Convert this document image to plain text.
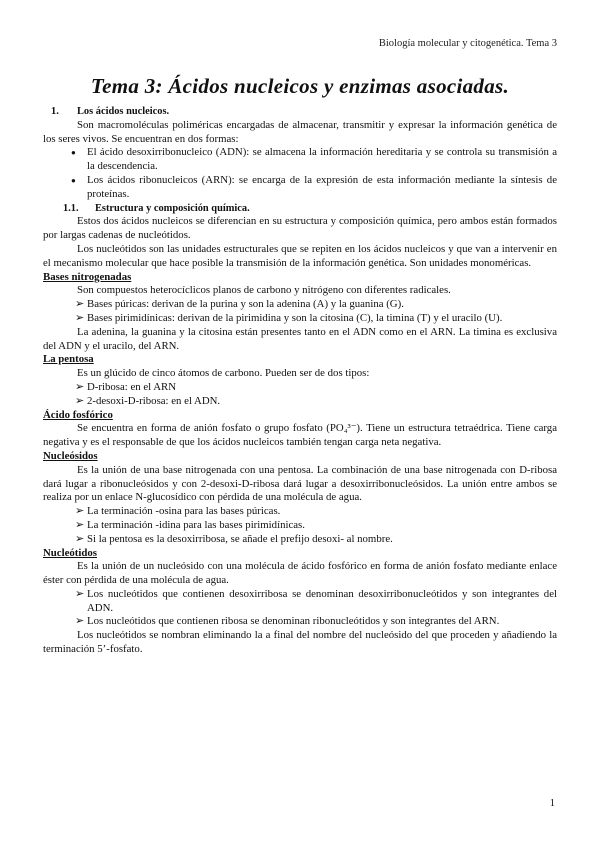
Biología molecular y citogenética. Tema 3
Tema 3: Ácidos nucleicos y enzimas asociadas.

1. Los ácidos nucleicos.

Son macromoléculas poliméricas encargadas de almacenar, transmitir y expresar la información genética de los seres vivos. Se encuentran en dos formas:

●	El ácido desoxirribonucleico (ADN): se almacena la información hereditaria y se controla su transmisión a la descendencia.
●	Los ácidos ribonucleicos (ARN): se encarga de la expresión de esta información mediante la síntesis de proteínas.

1.1. Estructura y composición química.

Estos dos ácidos nucleicos se diferencian en su estructura y composición química, pero ambos están formados por largas cadenas de nucleótidos.

Los nucleótidos son las unidades estructurales que se repiten en los ácidos nucleicos y que van a intervenir en el mecanismo molecular que hace posible la transmisión de la información genética. Son unidades monoméricas.

Bases nitrogenadas

Son compuestos heterocíclicos planos de carbono y nitrógeno con diferentes radicales.

➢ Bases púricas: derivan de la purina y son la adenina (A) y la guanina (G).
➢ Bases pirimidínicas: derivan de la pirimidina y son la citosina (C), la timina (T) y el uracilo (U).

La adenina, la guanina y la citosina están presentes tanto en el ADN como en el ARN. La timina es exclusiva del ADN y el uracilo, del ARN.

La pentosa

Es un glúcido de cinco átomos de carbono. Pueden ser de dos tipos:

➢ D-ribosa: en el ARN
➢ 2-desoxi-D-ribosa: en el ADN.

Ácido fosfórico

Se encuentra en forma de anión fosfato o grupo fosfato (PO₄³⁻). Tiene un estructura tetraédrica. Tiene carga negativa y es el responsable de que los ácidos nucleicos también tengan carga neta negativa.

Nucleósidos

Es la unión de una base nitrogenada con una pentosa. La combinación de una base nitrogenada con D-ribosa dará lugar a ribonucleósidos y con 2-desoxi-D-ribosa dará lugar a desoxirribonucleósidos. La unión entre ambos se realiza por un enlace N-glucosídico con pérdida de una molécula de agua.

➢ La terminación -osina para las bases púricas.
➢ La terminación -idina para las bases pirimidínicas.
➢ Si la pentosa es la desoxirribosa, se añade el prefijo desoxi- al nombre.

Nucleótidos

Es la unión de un nucleósido con una molécula de ácido fosfórico en forma de anión fosfato mediante enlace éster con pérdida de una molécula de agua.

➢ Los nucleótidos que contienen desoxirribosa se denominan desoxirribonucleótidos y son integrantes del ADN.
➢ Los nucleótidos que contienen ribosa se denominan ribonucleótidos y son integrantes del ARN.

Los nucleótidos se nombran eliminando la a final del nombre del nucleósido del que proceden y añadiendo la terminación 5’-fosfato.

1
